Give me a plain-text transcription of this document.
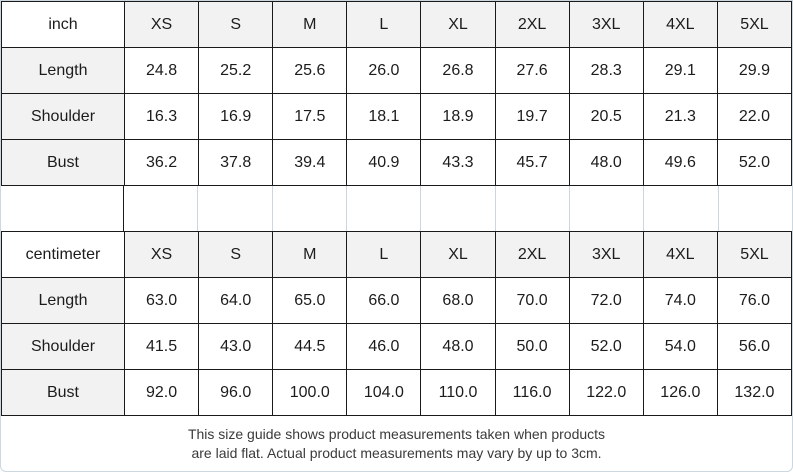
inch	XS	S	M	L	XL	2XL	3XL	4XL	5XL
Length	24.8	25.2	25.6	26.0	26.8	27.6	28.3	29.1	29.9
Shoulder	16.3	16.9	17.5	18.1	18.9	19.7	20.5	21.3	22.0
Bust	36.2	37.8	39.4	40.9	43.3	45.7	48.0	49.6	52.0
centimeter	XS	S	M	L	XL	2XL	3XL	4XL	5XL
Length	63.0	64.0	65.0	66.0	68.0	70.0	72.0	74.0	76.0
Shoulder	41.5	43.0	44.5	46.0	48.0	50.0	52.0	54.0	56.0
Bust	92.0	96.0	100.0	104.0	110.0	116.0	122.0	126.0	132.0

This size guide shows product measurements taken when products

are laid flat. Actual product measurements may vary by up to 3cm.
